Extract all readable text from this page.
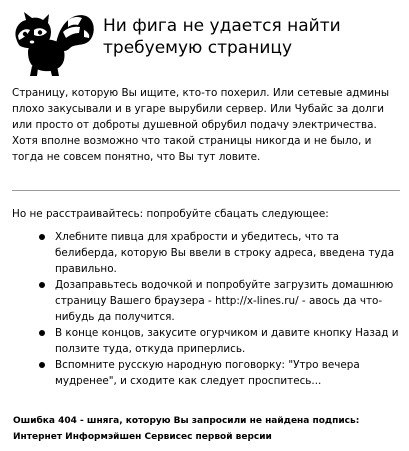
Ни фига не удается найти требуемую страницу

Страницу, которую Вы ищите, кто-то похерил. Или сетевые админы плохо закусывали и в угаре вырубили сервер. Или Чубайс за долги или просто от доброты душевной обрубил подачу электричества. Хотя вполне возможно что такой страницы никогда и не было, и тогда не совсем понятно, что Вы тут ловите.

Но не расстраивайтесь: попробуйте сбацать следующее:

Хлебните пивца для храбрости и убедитесь, что та белиберда, которую Вы ввели в строку адреса, введена туда правильно.
Дозаправьтесь водочкой и попробуйте загрузить домашнюю страницу Вашего браузера - http://x-lines.ru/ - авось да что-нибудь да получится.
В конце концов, закусите огурчиком и давите кнопку Назад и ползите туда, откуда приперлись.
Вспомните русскую народную поговорку: "Утро вечера мудренее", и сходите как следует проспитесь...
Ошибка 404 - шняга, которую Вы запросили не найдена подпись:
Интернет Информэйшен Сервисес первой версии
